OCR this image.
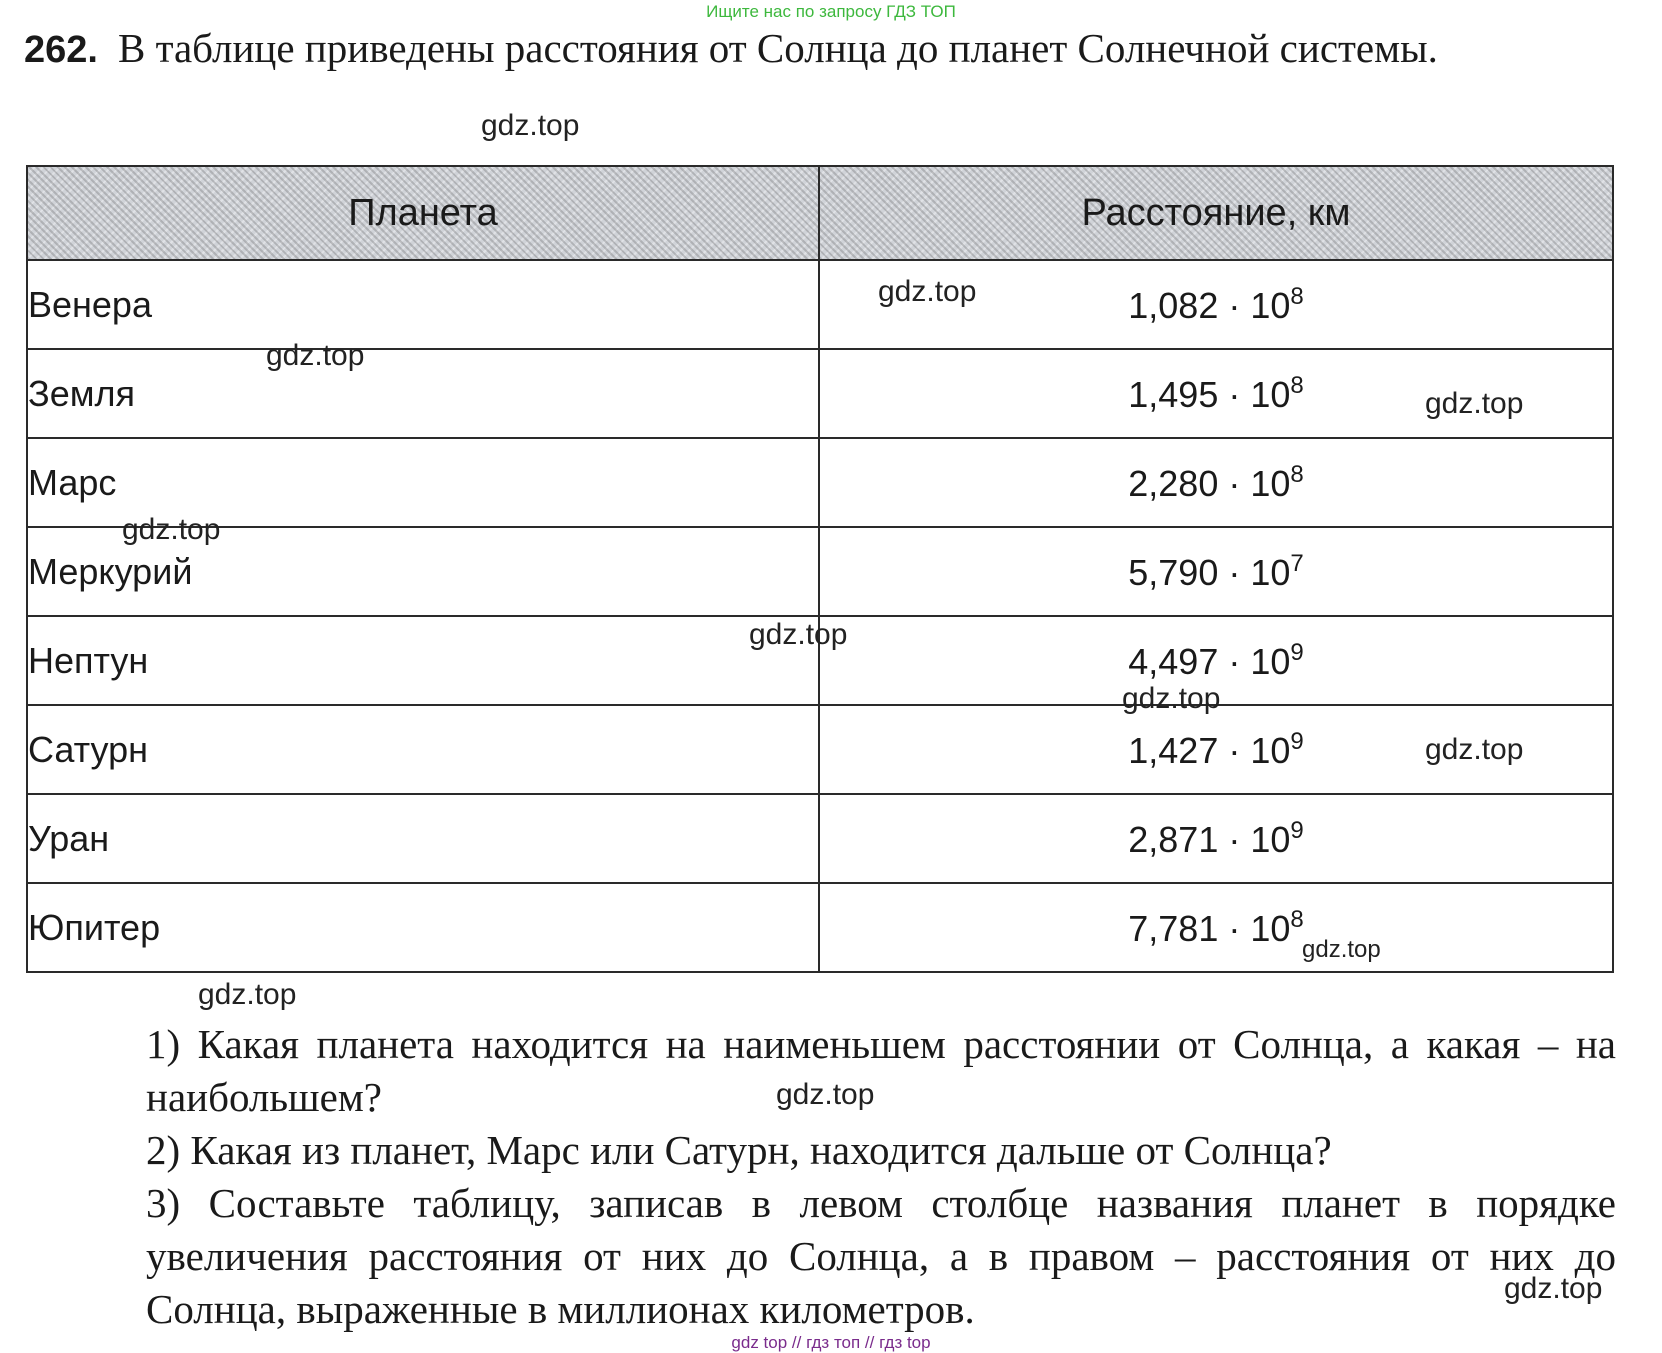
Ищите нас по запросу ГДЗ ТОП
262. В таблице приведены расстояния от Солнца до планет Солнечной системы.
Планета	Расстояние, км
Венера	$1,082 \cdot 10^8$
Земля	$1,495 \cdot 10^8$
Марс	$2,280 \cdot 10^8$
Меркурий	$5,790 \cdot 10^7$
Нептун	$4,497 \cdot 10^9$
Сатурн	$1,427 \cdot 10^9$
Уран	$2,871 \cdot 10^9$
Юпитер	$7,781 \cdot 10^8$
1) Какая планета находится на наименьшем расстоянии от Солнца, а какая – на наибольшем?
2) Какая из планет, Марс или Сатурн, находится дальше от Солнца?
3) Составьте таблицу, записав в левом столбце названия планет в порядке увеличения расстояния от них до Солнца, а в правом – расстояния от них до Солнца, выраженные в миллионах километров.
gdz.top
gdz.top
gdz.top
gdz.top
gdz.top
gdz.top
gdz.top
gdz.top
gdz.top
gdz.top
gdz.top
gdz.top
gdz top // гдз топ // гдз top
